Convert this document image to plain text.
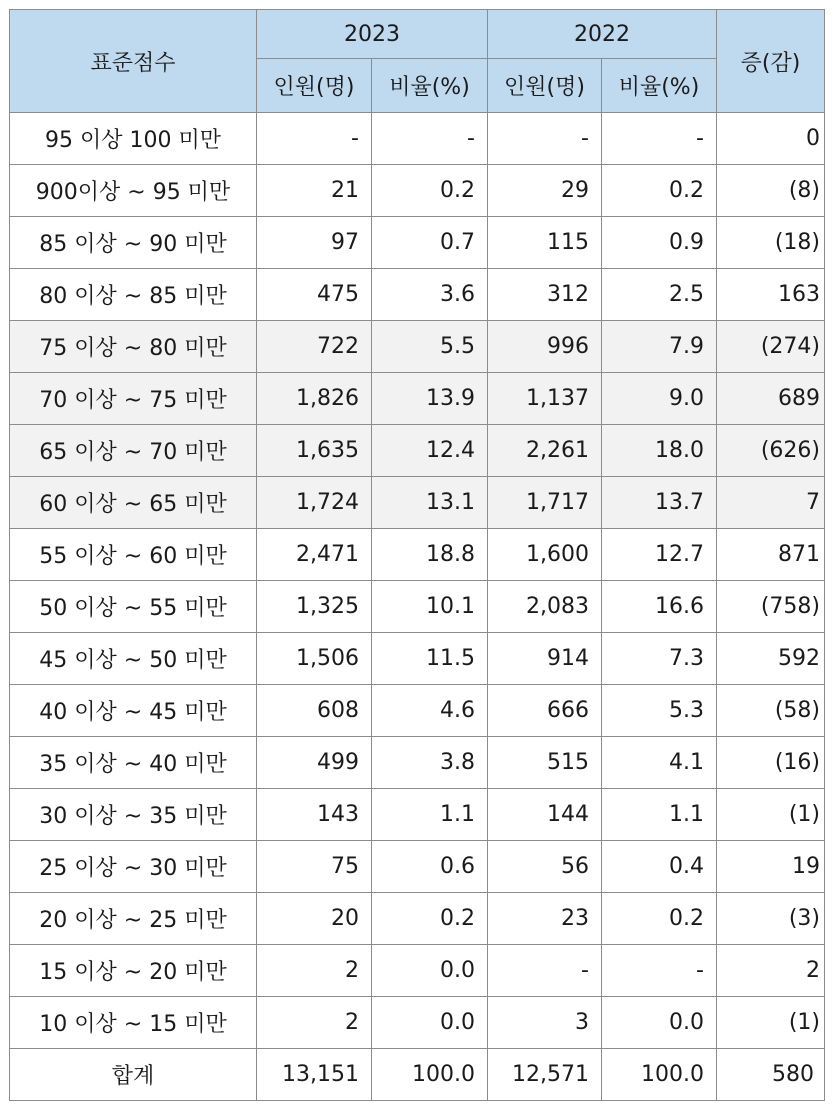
표준점수	2023		2022		증(감)
	인원(명)	비율(%)	인원(명)	비율(%)	
95 이상 100 미만	-	-	-	-	0
900이상 ~ 95 미만	21	0.2	29	0.2	(8)
85 이상 ~ 90 미만	97	0.7	115	0.9	(18)
80 이상 ~ 85 미만	475	3.6	312	2.5	163
75 이상 ~ 80 미만	722	5.5	996	7.9	(274)
70 이상 ~ 75 미만	1,826	13.9	1,137	9.0	689
65 이상 ~ 70 미만	1,635	12.4	2,261	18.0	(626)
60 이상 ~ 65 미만	1,724	13.1	1,717	13.7	7
55 이상 ~ 60 미만	2,471	18.8	1,600	12.7	871
50 이상 ~ 55 미만	1,325	10.1	2,083	16.6	(758)
45 이상 ~ 50 미만	1,506	11.5	914	7.3	592
40 이상 ~ 45 미만	608	4.6	666	5.3	(58)
35 이상 ~ 40 미만	499	3.8	515	4.1	(16)
30 이상 ~ 35 미만	143	1.1	144	1.1	(1)
25 이상 ~ 30 미만	75	0.6	56	0.4	19
20 이상 ~ 25 미만	20	0.2	23	0.2	(3)
15 이상 ~ 20 미만	2	0.0	-	-	2
10 이상 ~ 15 미만	2	0.0	3	0.0	(1)
합계	13,151	100.0	12,571	100.0	580
